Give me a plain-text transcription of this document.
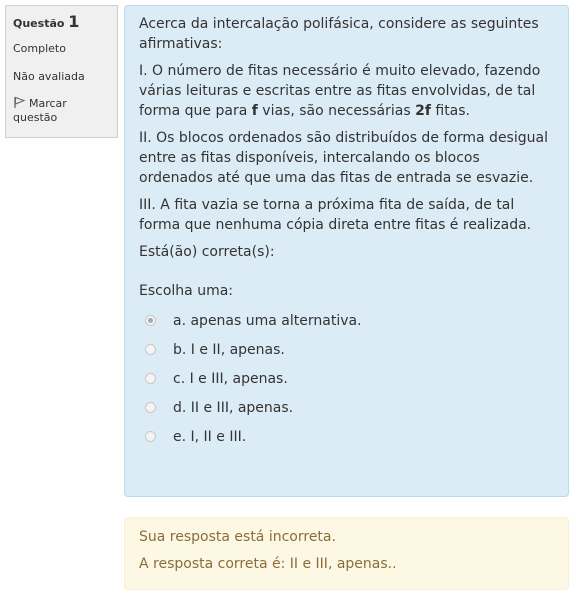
Questão 1
Completo
Não avaliada
Marcar questão

Acerca da intercalação polifásica, considere as seguintes afirmativas:

I. O número de fitas necessário é muito elevado, fazendo várias leituras e escritas entre as fitas envolvidas, de tal forma que para f vias, são necessárias 2f fitas.

II. Os blocos ordenados são distribuídos de forma desigual entre as fitas disponíveis, intercalando os blocos ordenados até que uma das fitas de entrada se esvazie.

III. A fita vazia se torna a próxima fita de saída, de tal forma que nenhuma cópia direta entre fitas é realizada.

Está(ão) correta(s):

Escolha uma:

a. apenas uma alternativa.
b. I e II, apenas.
c. I e III, apenas.
d. II e III, apenas.
e. I, II e III.
Sua resposta está incorreta.
A resposta correta é: II e III, apenas..
